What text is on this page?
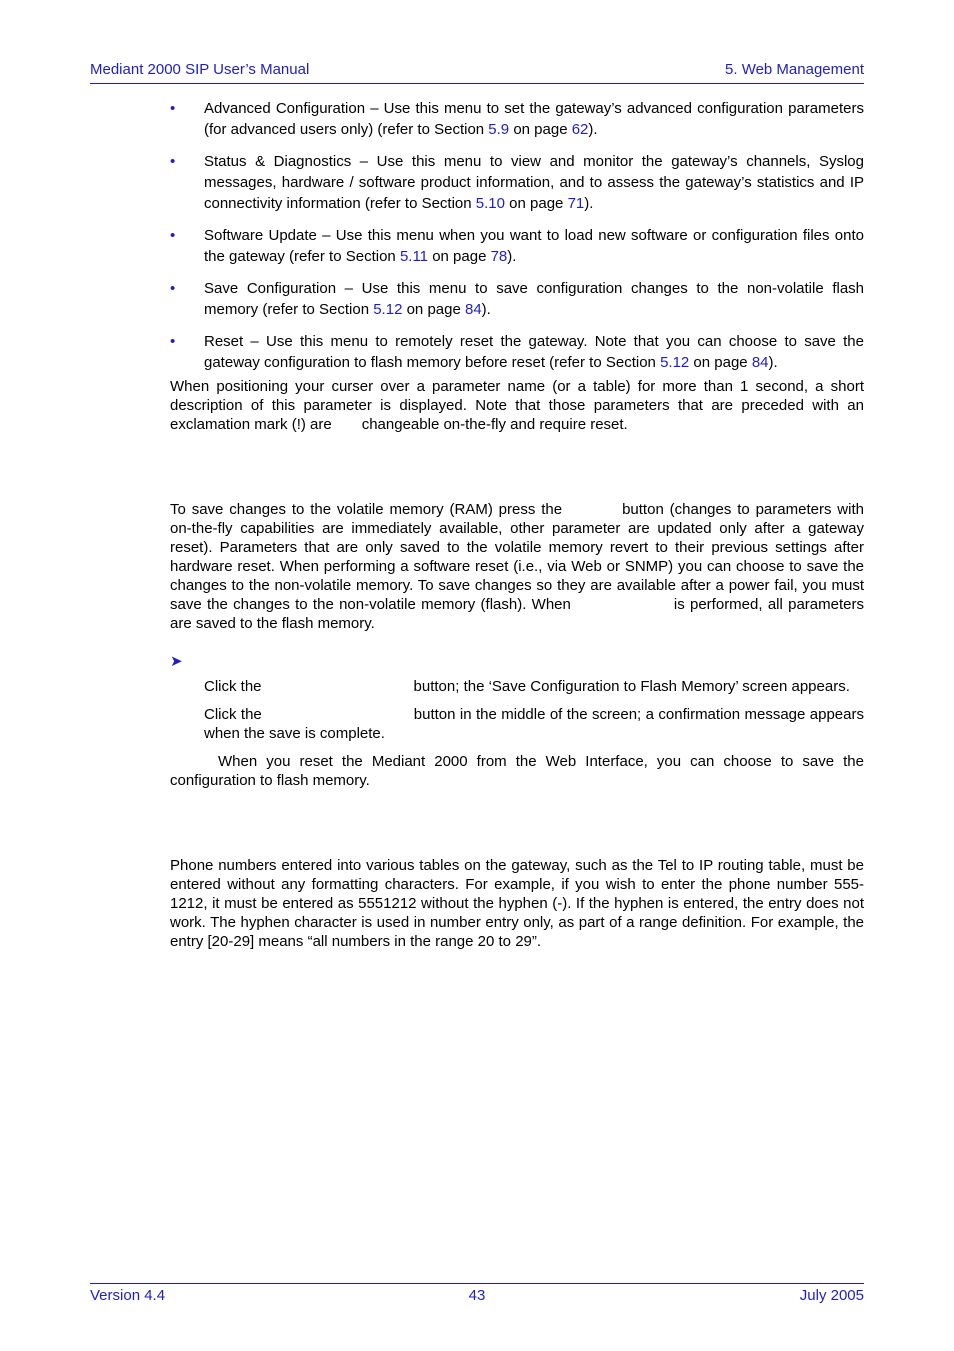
Mediant 2000 SIP User’s Manual	5. Web Management
• Advanced Configuration – Use this menu to set the gateway’s advanced configuration parameters (for advanced users only) (refer to Section 5.9 on page 62).
• Status & Diagnostics – Use this menu to view and monitor the gateway’s channels, Syslog messages, hardware / software product information, and to assess the gateway’s statistics and IP connectivity information (refer to Section 5.10 on page 71).
• Software Update – Use this menu when you want to load new software or configuration files onto the gateway (refer to Section 5.11 on page 78).
• Save Configuration – Use this menu to save configuration changes to the non-volatile flash memory (refer to Section 5.12 on page 84).
• Reset – Use this menu to remotely reset the gateway. Note that you can choose to save the gateway configuration to flash memory before reset (refer to Section 5.12 on page 84).

When positioning your curser over a parameter name (or a table) for more than 1 second, a short description of this parameter is displayed. Note that those parameters that are preceded with an exclamation mark (!) are changeable on-the-fly and require reset.

To save changes to the volatile memory (RAM) press the	button (changes to parameters with on-the-fly capabilities are immediately available, other parameter are updated only after a gateway reset). Parameters that are only saved to the volatile memory revert to their previous settings after hardware reset. When performing a software reset (i.e., via Web or SNMP) you can choose to save the changes to the non-volatile memory. To save changes so they are available after a power fail, you must save the changes to the non-volatile memory (flash). When	is performed, all parameters are saved to the flash memory.

➤

Click the	button; the ‘Save Configuration to Flash Memory’ screen appears.

Click the	button in the middle of the screen; a confirmation message appears when the save is complete.

When you reset the Mediant 2000 from the Web Interface, you can choose to save the configuration to flash memory.

Phone numbers entered into various tables on the gateway, such as the Tel to IP routing table, must be entered without any formatting characters. For example, if you wish to enter the phone number 555-1212, it must be entered as 5551212 without the hyphen (-). If the hyphen is entered, the entry does not work. The hyphen character is used in number entry only, as part of a range definition. For example, the entry [20-29] means “all numbers in the range 20 to 29”.

Version 4.4	43	July 2005
